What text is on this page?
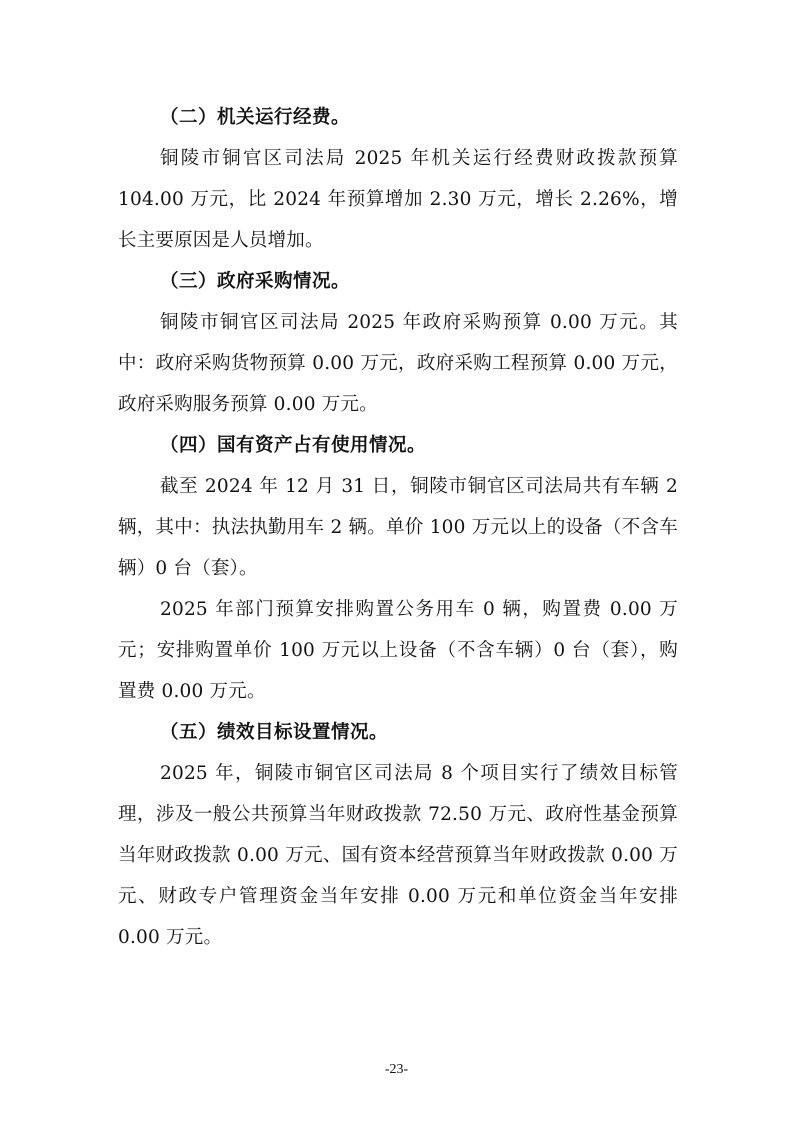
（二）机关运行经费。

铜陵市铜官区司法局 2025 年机关运行经费财政拨款预算 104.00 万元，比 2024 年预算增加 2.30 万元，增长 2.26%，增长主要原因是人员增加。

（三）政府采购情况。

铜陵市铜官区司法局 2025 年政府采购预算 0.00 万元。其中：政府采购货物预算 0.00 万元，政府采购工程预算 0.00 万元，政府采购服务预算 0.00 万元。

（四）国有资产占有使用情况。

截至 2024 年 12 月 31 日，铜陵市铜官区司法局共有车辆 2 辆，其中：执法执勤用车 2 辆。单价 100 万元以上的设备（不含车辆）0 台（套）。

2025 年部门预算安排购置公务用车 0 辆，购置费 0.00 万元；安排购置单价 100 万元以上设备（不含车辆）0 台（套），购置费 0.00 万元。

（五）绩效目标设置情况。

2025 年，铜陵市铜官区司法局 8 个项目实行了绩效目标管理，涉及一般公共预算当年财政拨款 72.50 万元、政府性基金预算当年财政拨款 0.00 万元、国有资本经营预算当年财政拨款 0.00 万元、财政专户管理资金当年安排 0.00 万元和单位资金当年安排 0.00 万元。

-23-
